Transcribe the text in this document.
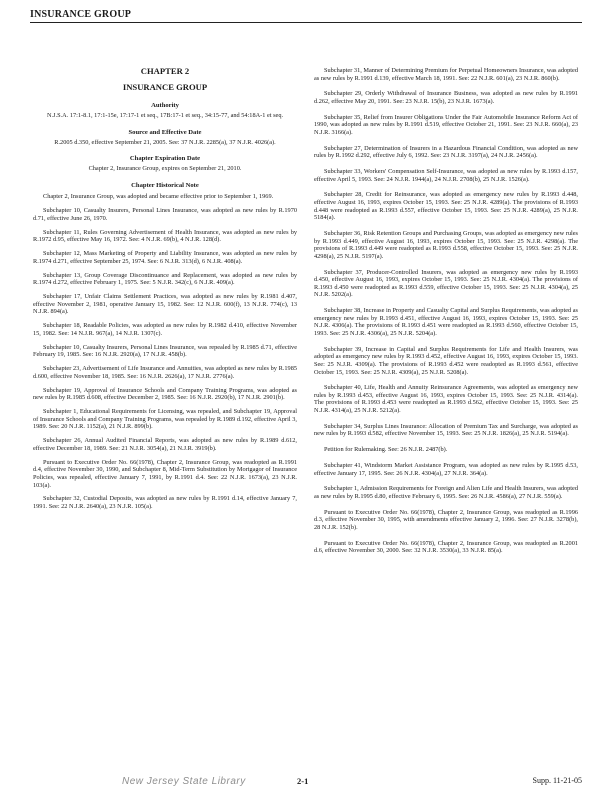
INSURANCE GROUP

CHAPTER 2

INSURANCE GROUP

Authority

N.J.S.A. 17:1-8.1, 17:1-15e, 17:17-1 et seq., 17B:17-1 et seq., 34:15-77, and 54:18A-1 et seq.

Source and Effective Date

R.2005 d.350, effective September 21, 2005. See: 37 N.J.R. 2285(a), 37 N.J.R. 4026(a).

Chapter Expiration Date

Chapter 2, Insurance Group, expires on September 21, 2010.

Chapter Historical Note

Chapter 2, Insurance Group, was adopted and became effective prior to September 1, 1969.

Subchapter 10, Casualty Insurers, Personal Lines Insurance, was adopted as new rules by R.1970 d.71, effective June 26, 1970.

Subchapter 11, Rules Governing Advertisement of Health Insurance, was adopted as new rules by R.1972 d.95, effective May 16, 1972. See: 4 N.J.R. 69(b), 4 N.J.R. 128(d).

Subchapter 12, Mass Marketing of Property and Liability Insurance, was adopted as new rules by R.1974 d.271, effective September 25, 1974. See: 6 N.J.R. 313(d), 6 N.J.R. 408(a).

Subchapter 13, Group Coverage Discontinuance and Replacement, was adopted as new rules by R.1974 d.272, effective February 1, 1975. See: 5 N.J.R. 342(c), 6 N.J.R. 409(a).

Subchapter 17, Unfair Claims Settlement Practices, was adopted as new rules by R.1981 d.407, effective November 2, 1981, operative January 15, 1982. See: 12 N.J.R. 600(f), 13 N.J.R. 774(c), 13 N.J.R. 894(a).

Subchapter 18, Readable Policies, was adopted as new rules by R.1982 d.410, effective November 15, 1982. See: 14 N.J.R. 967(a), 14 N.J.R. 1307(c).

Subchapter 10, Casualty Insurers, Personal Lines Insurance, was repealed by R.1985 d.71, effective February 19, 1985. See: 16 N.J.R. 2920(a), 17 N.J.R. 458(b).

Subchapter 23, Advertisement of Life Insurance and Annuities, was adopted as new rules by R.1985 d.600, effective November 18, 1985. See: 16 N.J.R. 2626(a), 17 N.J.R. 2776(a).

Subchapter 19, Approval of Insurance Schools and Company Training Programs, was adopted as new rules by R.1985 d.608, effective December 2, 1985. See: 16 N.J.R. 2920(b), 17 N.J.R. 2901(b).

Subchapter 1, Educational Requirements for Licensing, was repealed, and Subchapter 19, Approval of Insurance Schools and Company Training Programs, was repealed by R.1989 d.192, effective April 3, 1989. See: 20 N.J.R. 1152(a), 21 N.J.R. 899(b).

Subchapter 26, Annual Audited Financial Reports, was adopted as new rules by R.1989 d.612, effective December 18, 1989. See: 21 N.J.R. 3054(a), 21 N.J.R. 3919(b).

Pursuant to Executive Order No. 66(1978), Chapter 2, Insurance Group, was readopted as R.1991 d.4, effective November 30, 1990, and Subchapter 8, Mid-Term Substitution by Mortgagor of Insurance Policies, was repealed, effective January 7, 1991, by R.1991 d.4. See: 22 N.J.R. 1673(a), 23 N.J.R. 103(a).

Subchapter 32, Custodial Deposits, was adopted as new rules by R.1991 d.14, effective January 7, 1991. See: 22 N.J.R. 2640(a), 23 N.J.R. 105(a).

Subchapter 31, Manner of Determining Premium for Perpetual Homeowners Insurance, was adopted as new rules by R.1991 d.139, effective March 18, 1991. See: 22 N.J.R. 601(a), 23 N.J.R. 860(b).

Subchapter 29, Orderly Withdrawal of Insurance Business, was adopted as new rules by R.1991 d.262, effective May 20, 1991. See: 23 N.J.R. 15(b), 23 N.J.R. 1673(a).

Subchapter 35, Relief from Insurer Obligations Under the Fair Automobile Insurance Reform Act of 1990, was adopted as new rules by R.1991 d.519, effective October 21, 1991. See: 23 N.J.R. 660(a), 23 N.J.R. 3166(a).

Subchapter 27, Determination of Insurers in a Hazardous Financial Condition, was adopted as new rules by R.1992 d.292, effective July 6, 1992. See: 23 N.J.R. 3197(a), 24 N.J.R. 2456(a).

Subchapter 33, Workers' Compensation Self-Insurance, was adopted as new rules by R.1993 d.157, effective April 5, 1993. See: 24 N.J.R. 1944(a), 24 N.J.R. 2708(b), 25 N.J.R. 1526(a).

Subchapter 28, Credit for Reinsurance, was adopted as emergency new rules by R.1993 d.448, effective August 16, 1993, expires October 15, 1993. See: 25 N.J.R. 4289(a). The provisions of R.1993 d.448 were readopted as R.1993 d.557, effective October 15, 1993. See: 25 N.J.R. 4289(a), 25 N.J.R. 5184(a).

Subchapter 36, Risk Retention Groups and Purchasing Groups, was adopted as emergency new rules by R.1993 d.449, effective August 16, 1993, expires October 15, 1993. See: 25 N.J.R. 4298(a). The provisions of R.1993 d.449 were readopted as R.1993 d.558, effective October 15, 1993. See: 25 N.J.R. 4298(a), 25 N.J.R. 5197(a).

Subchapter 37, Producer-Controlled Insurers, was adopted as emergency new rules by R.1993 d.450, effective August 16, 1993, expires October 15, 1993. See: 25 N.J.R. 4304(a). The provisions of R.1993 d.450 were readopted as R.1993 d.559, effective October 15, 1993. See: 25 N.J.R. 4304(a), 25 N.J.R. 5202(a).

Subchapter 38, Increase in Property and Casualty Capital and Surplus Requirements, was adopted as emergency new rules by R.1993 d.451, effective August 16, 1993, expires October 15, 1993. See: 25 N.J.R. 4306(a). The provisions of R.1993 d.451 were readopted as R.1993 d.560, effective October 15, 1993. See: 25 N.J.R. 4306(a), 25 N.J.R. 5204(a).

Subchapter 39, Increase in Capital and Surplus Requirements for Life and Health Insurers, was adopted as emergency new rules by R.1993 d.452, effective August 16, 1993, expires October 15, 1993. See: 25 N.J.R. 4309(a). The provisions of R.1993 d.452 were readopted as R.1993 d.561, effective October 15, 1993. See: 25 N.J.R. 4309(a), 25 N.J.R. 5208(a).

Subchapter 40, Life, Health and Annuity Reinsurance Agreements, was adopted as emergency new rules by R.1993 d.453, effective August 16, 1993, expires October 15, 1993. See: 25 N.J.R. 4314(a). The provisions of R.1993 d.453 were readopted as R.1993 d.562, effective October 15, 1993. See: 25 N.J.R. 4314(a), 25 N.J.R. 5212(a).

Subchapter 34, Surplus Lines Insurance: Allocation of Premium Tax and Surcharge, was adopted as new rules by R.1993 d.582, effective November 15, 1993. See: 25 N.J.R. 1826(a), 25 N.J.R. 5194(a).

Petition for Rulemaking. See: 26 N.J.R. 2487(b).

Subchapter 41, Windstorm Market Assistance Program, was adopted as new rules by R.1995 d.53, effective January 17, 1995. See: 26 N.J.R. 4304(a), 27 N.J.R. 364(a).

Subchapter 1, Admission Requirements for Foreign and Alien Life and Health Insurers, was adopted as new rules by R.1995 d.80, effective February 6, 1995. See: 26 N.J.R. 4586(a), 27 N.J.R. 559(a).

Pursuant to Executive Order No. 66(1978), Chapter 2, Insurance Group, was readopted as R.1996 d.3, effective November 30, 1995, with amendments effective January 2, 1996. See: 27 N.J.R. 3278(b), 28 N.J.R. 152(b).

Pursuant to Executive Order No. 66(1978), Chapter 2, Insurance Group, was readopted as R.2001 d.6, effective November 30, 2000. See: 32 N.J.R. 3530(a), 33 N.J.R. 85(a).

New Jersey State Library	2-1	Supp. 11-21-05
